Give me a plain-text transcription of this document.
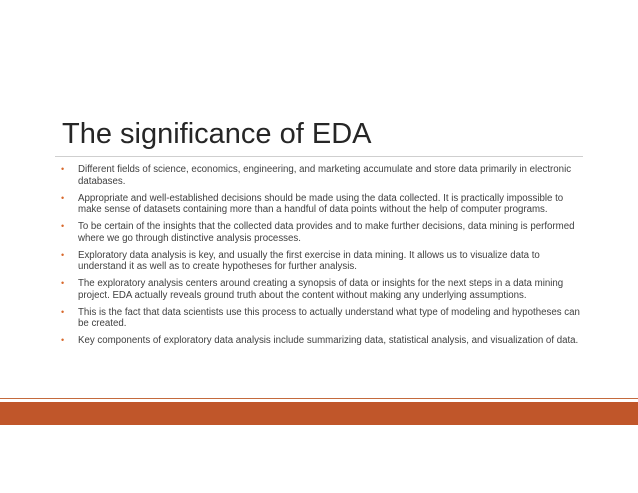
The significance of EDA
• Different fields of science, economics, engineering, and marketing accumulate and store data primarily in electronic databases.
• Appropriate and well-established decisions should be made using the data collected. It is practically impossible to make sense of datasets containing more than a handful of data points without the help of computer programs.
• To be certain of the insights that the collected data provides and to make further decisions, data mining is performed where we go through distinctive analysis processes.
• Exploratory data analysis is key, and usually the first exercise in data mining. It allows us to visualize data to understand it as well as to create hypotheses for further analysis.
• The exploratory analysis centers around creating a synopsis of data or insights for the next steps in a data mining project. EDA actually reveals ground truth about the content without making any underlying assumptions.
• This is the fact that data scientists use this process to actually understand what type of modeling and hypotheses can be created.
• Key components of exploratory data analysis include summarizing data, statistical analysis, and visualization of data.
